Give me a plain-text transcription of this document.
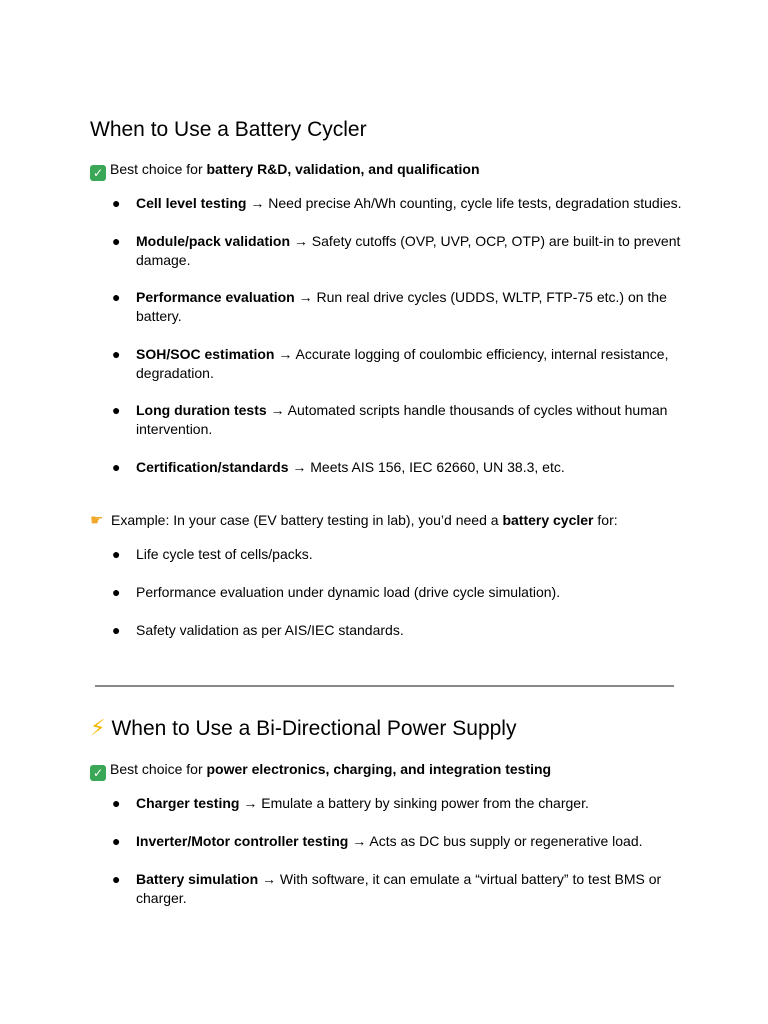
When to Use a Battery Cycler

✓ Best choice for battery R&D, validation, and qualification

● Cell level testing → Need precise Ah/Wh counting, cycle life tests, degradation studies.
● Module/pack validation → Safety cutoffs (OVP, UVP, OCP, OTP) are built-in to prevent damage.
● Performance evaluation → Run real drive cycles (UDDS, WLTP, FTP-75 etc.) on the battery.
● SOH/SOC estimation → Accurate logging of coulombic efficiency, internal resistance, degradation.
● Long duration tests → Automated scripts handle thousands of cycles without human intervention.
● Certification/standards → Meets AIS 156, IEC 62660, UN 38.3, etc.

☛ Example: In your case (EV battery testing in lab), you’d need a battery cycler for:

● Life cycle test of cells/packs.
● Performance evaluation under dynamic load (drive cycle simulation).
● Safety validation as per AIS/IEC standards.
⚡ When to Use a Bi-Directional Power Supply

✓ Best choice for power electronics, charging, and integration testing

● Charger testing → Emulate a battery by sinking power from the charger.
● Inverter/Motor controller testing → Acts as DC bus supply or regenerative load.
● Battery simulation → With software, it can emulate a “virtual battery” to test BMS or charger.
